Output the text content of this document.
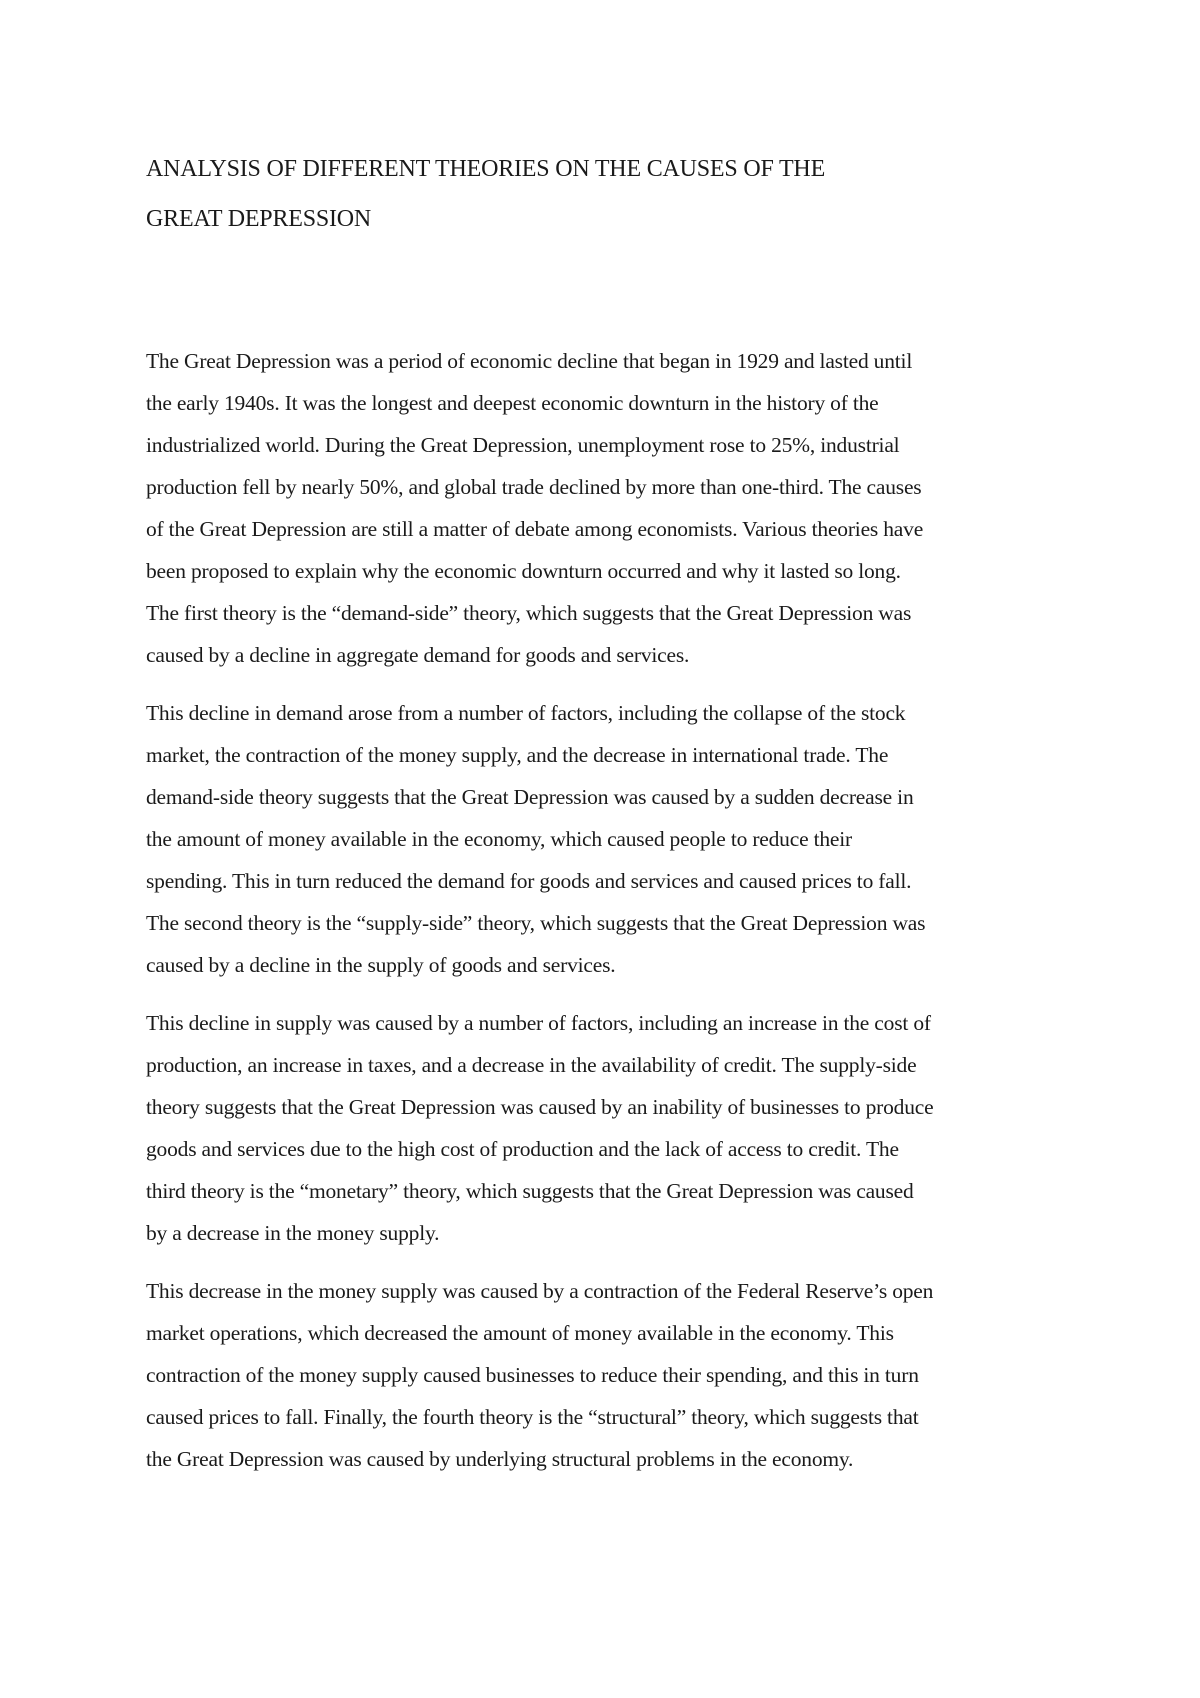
ANALYSIS OF DIFFERENT THEORIES ON THE CAUSES OF THE
GREAT DEPRESSION

The Great Depression was a period of economic decline that began in 1929 and lasted until
the early 1940s. It was the longest and deepest economic downturn in the history of the
industrialized world. During the Great Depression, unemployment rose to 25%, industrial
production fell by nearly 50%, and global trade declined by more than one-third. The causes
of the Great Depression are still a matter of debate among economists. Various theories have
been proposed to explain why the economic downturn occurred and why it lasted so long.
The first theory is the “demand-side” theory, which suggests that the Great Depression was
caused by a decline in aggregate demand for goods and services.

This decline in demand arose from a number of factors, including the collapse of the stock
market, the contraction of the money supply, and the decrease in international trade. The
demand-side theory suggests that the Great Depression was caused by a sudden decrease in
the amount of money available in the economy, which caused people to reduce their
spending. This in turn reduced the demand for goods and services and caused prices to fall.
The second theory is the “supply-side” theory, which suggests that the Great Depression was
caused by a decline in the supply of goods and services.

This decline in supply was caused by a number of factors, including an increase in the cost of
production, an increase in taxes, and a decrease in the availability of credit. The supply-side
theory suggests that the Great Depression was caused by an inability of businesses to produce
goods and services due to the high cost of production and the lack of access to credit. The
third theory is the “monetary” theory, which suggests that the Great Depression was caused
by a decrease in the money supply.

This decrease in the money supply was caused by a contraction of the Federal Reserve’s open
market operations, which decreased the amount of money available in the economy. This
contraction of the money supply caused businesses to reduce their spending, and this in turn
caused prices to fall. Finally, the fourth theory is the “structural” theory, which suggests that
the Great Depression was caused by underlying structural problems in the economy.
